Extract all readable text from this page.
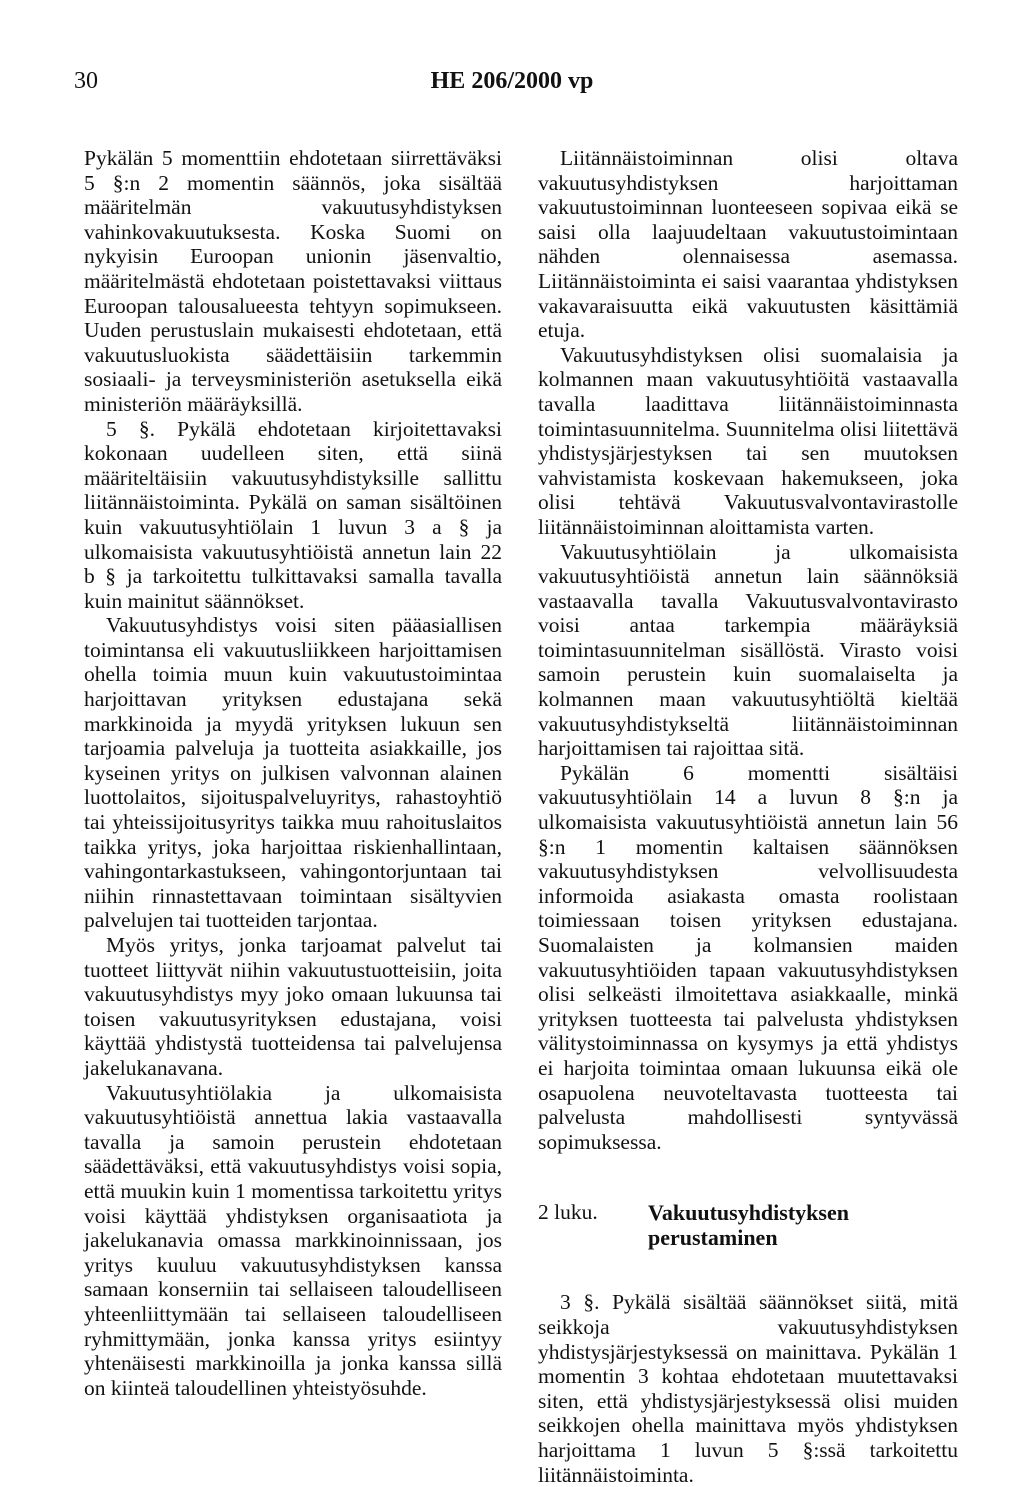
30	HE 206/2000 vp

Pykälän 5 momenttiin ehdotetaan siirrettäväksi 5 §:n 2 momentin säännös, joka sisältää määritelmän vakuutusyhdistyksen vahinkovakuutuksesta. Koska Suomi on nykyisin Euroopan unionin jäsenvaltio, määritelmästä ehdotetaan poistettavaksi viittaus Euroopan talousalueesta tehtyyn sopimukseen. Uuden perustuslain mukaisesti ehdotetaan, että vakuutusluokista säädettäisiin tarkemmin sosiaali- ja terveysministeriön asetuksella eikä ministeriön määräyksillä.

5 §. Pykälä ehdotetaan kirjoitettavaksi kokonaan uudelleen siten, että siinä määriteltäisiin vakuutusyhdistyksille sallittu liitännäistoiminta. Pykälä on saman sisältöinen kuin vakuutusyhtiölain 1 luvun 3 a § ja ulkomaisista vakuutusyhtiöistä annetun lain 22 b § ja tarkoitettu tulkittavaksi samalla tavalla kuin mainitut säännökset.

Vakuutusyhdistys voisi siten pääasiallisen toimintansa eli vakuutusliikkeen harjoittamisen ohella toimia muun kuin vakuutustoimintaa harjoittavan yrityksen edustajana sekä markkinoida ja myydä yrityksen lukuun sen tarjoamia palveluja ja tuotteita asiakkaille, jos kyseinen yritys on julkisen valvonnan alainen luottolaitos, sijoituspalveluyritys, rahastoyhtiö tai yhteissijoitusyritys taikka muu rahoituslaitos taikka yritys, joka harjoittaa riskienhallintaan, vahingontarkastukseen, vahingontorjuntaan tai niihin rinnastettavaan toimintaan sisältyvien palvelujen tai tuotteiden tarjontaa.

Myös yritys, jonka tarjoamat palvelut tai tuotteet liittyvät niihin vakuutustuotteisiin, joita vakuutusyhdistys myy joko omaan lukuunsa tai toisen vakuutusyrityksen edustajana, voisi käyttää yhdistystä tuotteidensa tai palvelujensa jakelukanavana.

Vakuutusyhtiölakia ja ulkomaisista vakuutusyhtiöistä annettua lakia vastaavalla tavalla ja samoin perustein ehdotetaan säädettäväksi, että vakuutusyhdistys voisi sopia, että muukin kuin 1 momentissa tarkoitettu yritys voisi käyttää yhdistyksen organisaatiota ja jakelukanavia omassa markkinoinnissaan, jos yritys kuuluu vakuutusyhdistyksen kanssa samaan konserniin tai sellaiseen taloudelliseen yhteenliittymään tai sellaiseen taloudelliseen ryhmittymään, jonka kanssa yritys esiintyy yhtenäisesti markkinoilla ja jonka kanssa sillä on kiinteä taloudellinen yhteistyösuhde.

Liitännäistoiminnan olisi oltava vakuutusyhdistyksen harjoittaman vakuutustoiminnan luonteeseen sopivaa eikä se saisi olla laajuudeltaan vakuutustoimintaan nähden olennaisessa asemassa. Liitännäistoiminta ei saisi vaarantaa yhdistyksen vakavaraisuutta eikä vakuutusten käsittämiä etuja.

Vakuutusyhdistyksen olisi suomalaisia ja kolmannen maan vakuutusyhtiöitä vastaavalla tavalla laadittava liitännäistoiminnasta toimintasuunnitelma. Suunnitelma olisi liitettävä yhdistysjärjestyksen tai sen muutoksen vahvistamista koskevaan hakemukseen, joka olisi tehtävä Vakuutusvalvontavirastolle liitännäistoiminnan aloittamista varten.

Vakuutusyhtiölain ja ulkomaisista vakuutusyhtiöistä annetun lain säännöksiä vastaavalla tavalla Vakuutusvalvontavirasto voisi antaa tarkempia määräyksiä toimintasuunnitelman sisällöstä. Virasto voisi samoin perustein kuin suomalaiselta ja kolmannen maan vakuutusyhtiöltä kieltää vakuutusyhdistykseltä liitännäistoiminnan harjoittamisen tai rajoittaa sitä.

Pykälän 6 momentti sisältäisi vakuutusyhtiölain 14 a luvun 8 §:n ja ulkomaisista vakuutusyhtiöistä annetun lain 56 §:n 1 momentin kaltaisen säännöksen vakuutusyhdistyksen velvollisuudesta informoida asiakasta omasta roolistaan toimiessaan toisen yrityksen edustajana. Suomalaisten ja kolmansien maiden vakuutusyhtiöiden tapaan vakuutusyhdistyksen olisi selkeästi ilmoitettava asiakkaalle, minkä yrityksen tuotteesta tai palvelusta yhdistyksen välitystoiminnassa on kysymys ja että yhdistys ei harjoita toimintaa omaan lukuunsa eikä ole osapuolena neuvoteltavasta tuotteesta tai palvelusta mahdollisesti syntyvässä sopimuksessa.

2 luku.	Vakuutusyhdistyksen perustaminen

3 §. Pykälä sisältää säännökset siitä, mitä seikkoja vakuutusyhdistyksen yhdistysjärjestyksessä on mainittava. Pykälän 1 momentin 3 kohtaa ehdotetaan muutettavaksi siten, että yhdistysjärjestyksessä olisi muiden seikkojen ohella mainittava myös yhdistyksen harjoittama 1 luvun 5 §:ssä tarkoitettu liitännäistoiminta.
